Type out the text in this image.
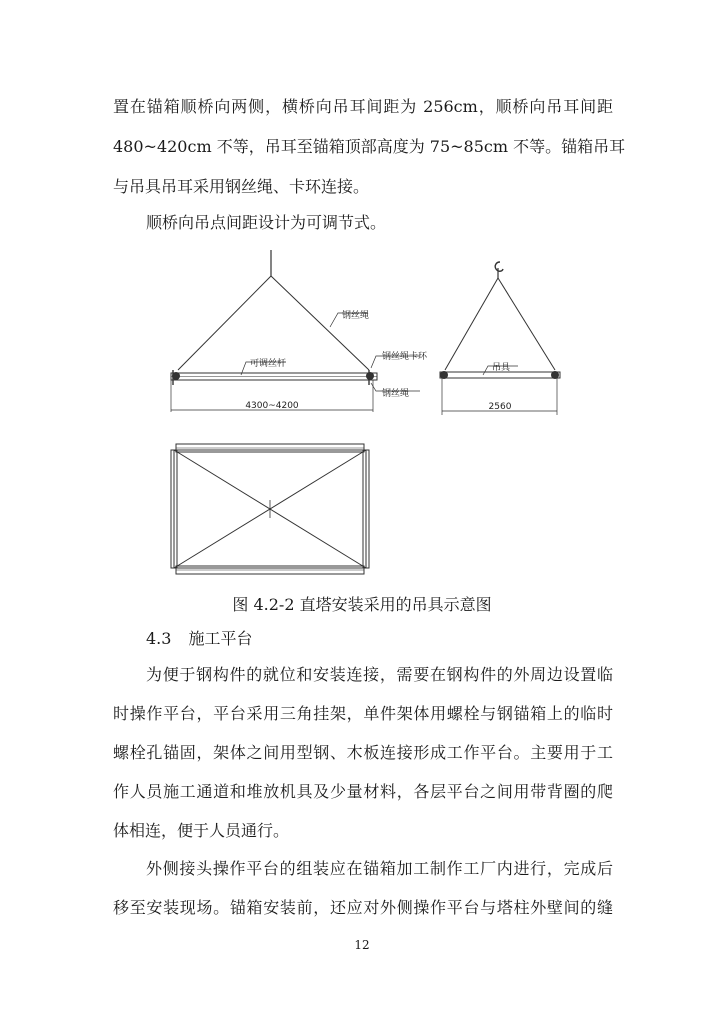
置在锚箱顺桥向两侧，横桥向吊耳间距为 256cm，顺桥向吊耳间距
480~420cm 不等，吊耳至锚箱顶部高度为 75~85cm 不等。锚箱吊耳
与吊具吊耳采用钢丝绳、卡环连接。
顺桥向吊点间距设计为可调节式。
钢丝绳
可调丝杆
钢丝绳卡环
钢丝绳
吊具
4300~4200	2560
图 4.2-2 直塔安装采用的吊具示意图
4.3 施工平台
为便于钢构件的就位和安装连接，需要在钢构件的外周边设置临
时操作平台，平台采用三角挂架，单件架体用螺栓与钢锚箱上的临时
螺栓孔锚固，架体之间用型钢、木板连接形成工作平台。主要用于工
作人员施工通道和堆放机具及少量材料，各层平台之间用带背圈的爬
体相连，便于人员通行。
外侧接头操作平台的组装应在锚箱加工制作工厂内进行，完成后
移至安装现场。锚箱安装前，还应对外侧操作平台与塔柱外壁间的缝
12
